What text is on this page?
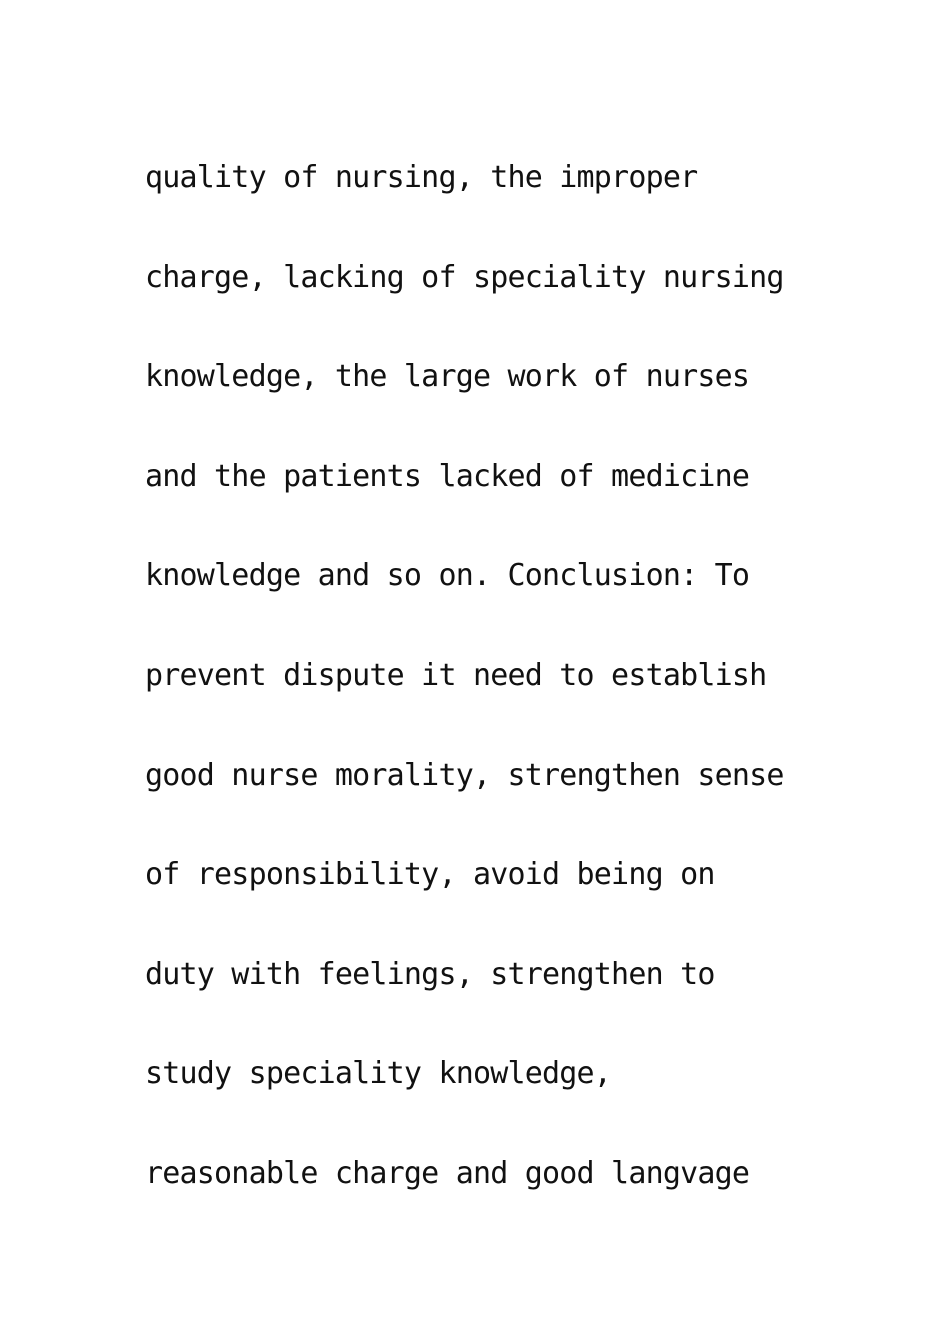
quality of nursing, the improper
charge, lacking of speciality nursing
knowledge, the large work of nurses
and the patients lacked of medicine
knowledge and so on. Conclusion: To
prevent dispute it need to establish
good nurse morality, strengthen sense
of responsibility, avoid being on
duty with feelings, strengthen to
study speciality knowledge,
reasonable charge and good langvage
